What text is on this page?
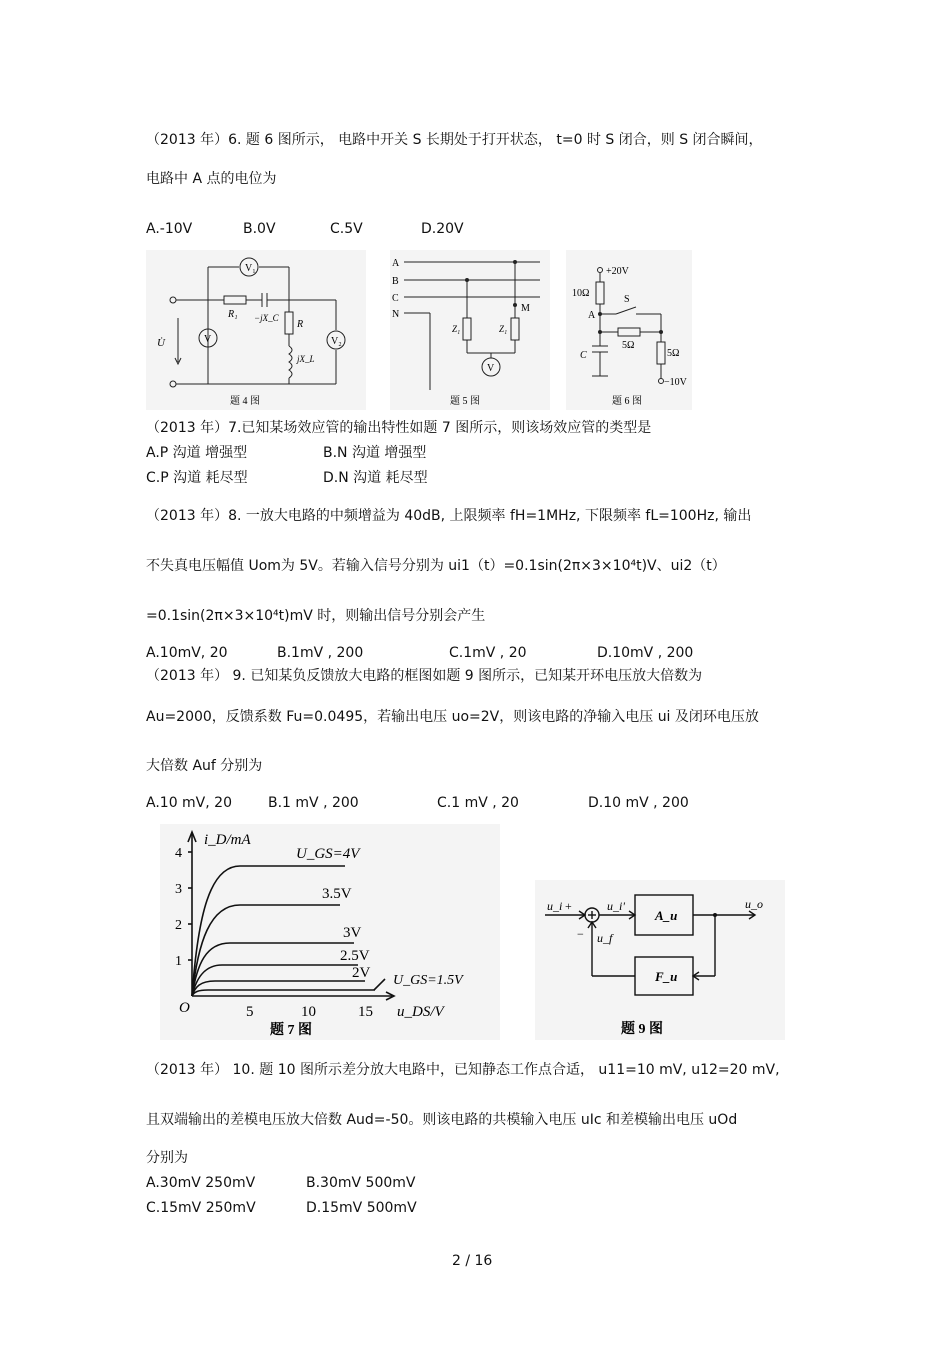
（2013 年）6. 题 6 图所示， 电路中开关 S 长期处于打开状态， t=0 时 S 闭合，则 S 闭合瞬间，
电路中 A 点的电位为
A.-10V	B.0V	C.5V	D.20V
V₁
V	V₂
U̇
R₁ −jX_C
R
jX_L
题 4 图
A
B
C
N
M
Z₁	Z₁
V
题 5 图
+20V
10Ω
S
A
5Ω
C	5Ω
−10V
题 6 图
（2013 年）7.已知某场效应管的输出特性如题 7 图所示，则该场效应管的类型是
A.P 沟道 增强型	B.N 沟道 增强型
C.P 沟道 耗尽型	D.N 沟道 耗尽型
（2013 年）8. 一放大电路的中频增益为 40dB, 上限频率 fH=1MHz, 下限频率 fL=100Hz, 输出
不失真电压幅值 Uom为 5V。若输入信号分别为 ui1（t）=0.1sin(2π×3×10⁴t)V、ui2（t）
=0.1sin(2π×3×10⁴t)mV 时，则输出信号分别会产生
A.10mV, 20	B.1mV , 200	C.1mV , 20	D.10mV , 200
（2013 年） 9. 已知某负反馈放大电路的框图如题 9 图所示，已知某开环电压放大倍数为
Au=2000，反馈系数 Fu=0.0495，若输出电压 uo=2V，则该电路的净输入电压 ui 及闭环电压放
大倍数 Auf 分别为
A.10 mV, 20	B.1 mV , 200	C.1 mV , 20	D.10 mV , 200
i_D/mA
O
1
2
3
4
5	10	15 u_DS/V
U_GS=4V
3.5V
3V
2.5V
2V U_GS=1.5V
题 7 图
u_i +
−
u_i'
u_f
A_u
F_u
u_o
题 9 图
（2013 年） 10. 题 10 图所示差分放大电路中，已知静态工作点合适， u11=10 mV, u12=20 mV,
且双端输出的差模电压放大倍数 Aud=-50。则该电路的共模输入电压 uIc 和差模输出电压 uOd
分别为
A.30mV 250mV	B.30mV 500mV
C.15mV 250mV	D.15mV 500mV
2 / 16
